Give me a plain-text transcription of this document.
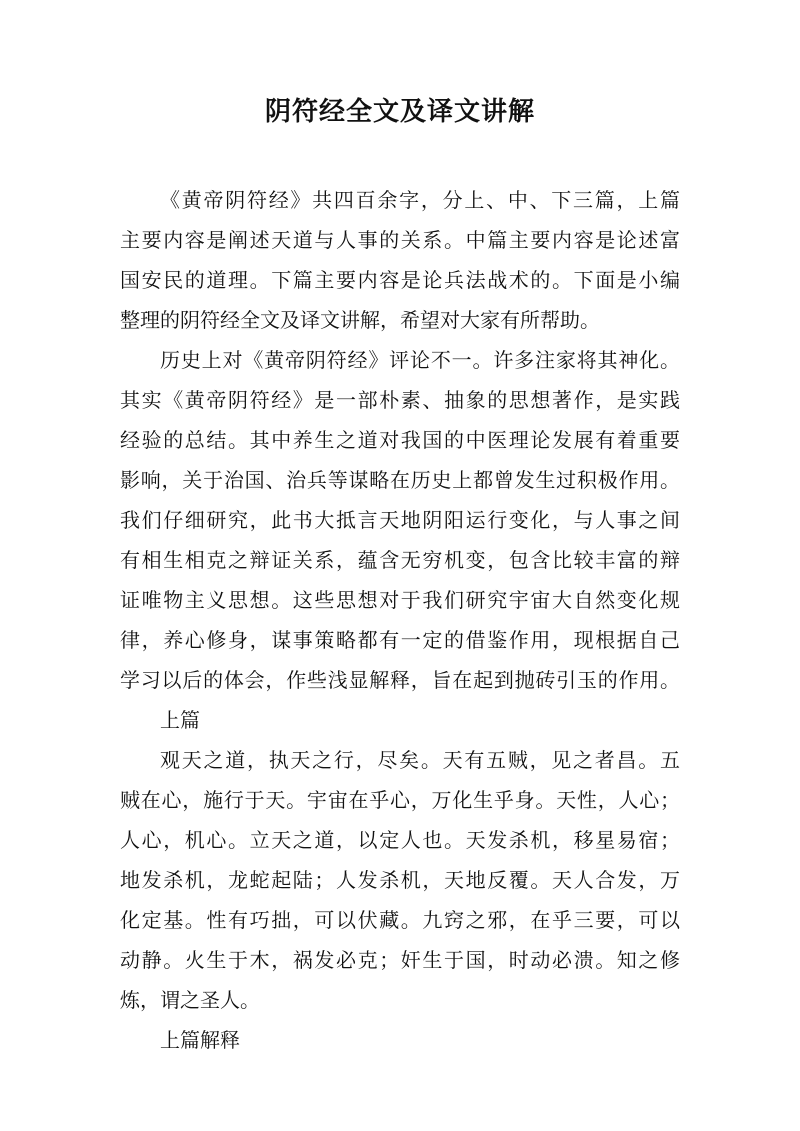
阴符经全文及译文讲解
《黄帝阴符经》共四百余字，分上、中、下三篇，上篇
主要内容是阐述天道与人事的关系。中篇主要内容是论述富
国安民的道理。下篇主要内容是论兵法战术的。下面是小编
整理的阴符经全文及译文讲解，希望对大家有所帮助。
历史上对《黄帝阴符经》评论不一。许多注家将其神化。
其实《黄帝阴符经》是一部朴素、抽象的思想著作，是实践
经验的总结。其中养生之道对我国的中医理论发展有着重要
影响，关于治国、治兵等谋略在历史上都曾发生过积极作用。
我们仔细研究，此书大抵言天地阴阳运行变化，与人事之间
有相生相克之辩证关系，蕴含无穷机变，包含比较丰富的辩
证唯物主义思想。这些思想对于我们研究宇宙大自然变化规
律，养心修身，谋事策略都有一定的借鉴作用，现根据自己
学习以后的体会，作些浅显解释，旨在起到抛砖引玉的作用。
上篇
观天之道，执天之行，尽矣。天有五贼，见之者昌。五
贼在心，施行于天。宇宙在乎心，万化生乎身。天性，人心；
人心，机心。立天之道，以定人也。天发杀机，移星易宿；
地发杀机，龙蛇起陆；人发杀机，天地反覆。天人合发，万
化定基。性有巧拙，可以伏藏。九窍之邪，在乎三要，可以
动静。火生于木，祸发必克；奸生于国，时动必溃。知之修
炼，谓之圣人。
上篇解释
